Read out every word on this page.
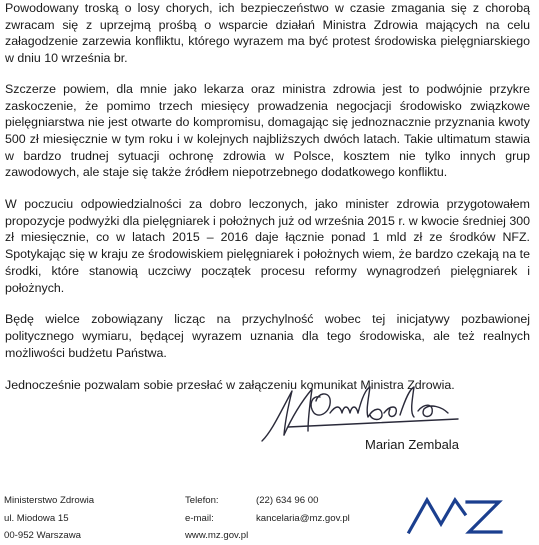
Powodowany troską o losy chorych, ich bezpieczeństwo w czasie zmagania się z chorobą zwracam się z uprzejmą prośbą o wsparcie działań Ministra Zdrowia mających na celu załagodzenie zarzewia konfliktu, którego wyrazem ma być protest środowiska pielęgniarskiego w dniu 10 września br.

Szczerze powiem, dla mnie jako lekarza oraz ministra zdrowia jest to podwójnie przykre zaskoczenie, że pomimo trzech miesięcy prowadzenia negocjacji środowisko związkowe pielęgniarstwa nie jest otwarte do kompromisu, domagając się jednoznacznie przyznania kwoty 500 zł miesięcznie w tym roku i w kolejnych najbliższych dwóch latach. Takie ultimatum stawia w bardzo trudnej sytuacji ochronę zdrowia w Polsce, kosztem nie tylko innych grup zawodowych, ale staje się także źródłem niepotrzebnego dodatkowego konfliktu.

W poczuciu odpowiedzialności za dobro leczonych, jako minister zdrowia przygotowałem propozycje podwyżki dla pielęgniarek i położnych już od września 2015 r. w kwocie średniej 300 zł miesięcznie, co w latach 2015 – 2016 daje łącznie ponad 1 mld zł ze środków NFZ. Spotykając się w kraju ze środowiskiem pielęgniarek i położnych wiem, że bardzo czekają na te środki, które stanowią uczciwy początek procesu reformy wynagrodzeń pielęgniarek i położnych.

Będę wielce zobowiązany licząc na przychylność wobec tej inicjatywy pozbawionej politycznego wymiaru, będącej wyrazem uznania dla tego środowiska, ale też realnych możliwości budżetu Państwa.

Jednocześnie pozwalam sobie przesłać w załączeniu komunikat Ministra Zdrowia.

Marian Zembala
Ministerstwo Zdrowia
ul. Miodowa 15
00-952 Warszawa
Telefon:	(22) 634 96 00
e-mail:	kancelaria@mz.gov.pl
www.mz.gov.pl
